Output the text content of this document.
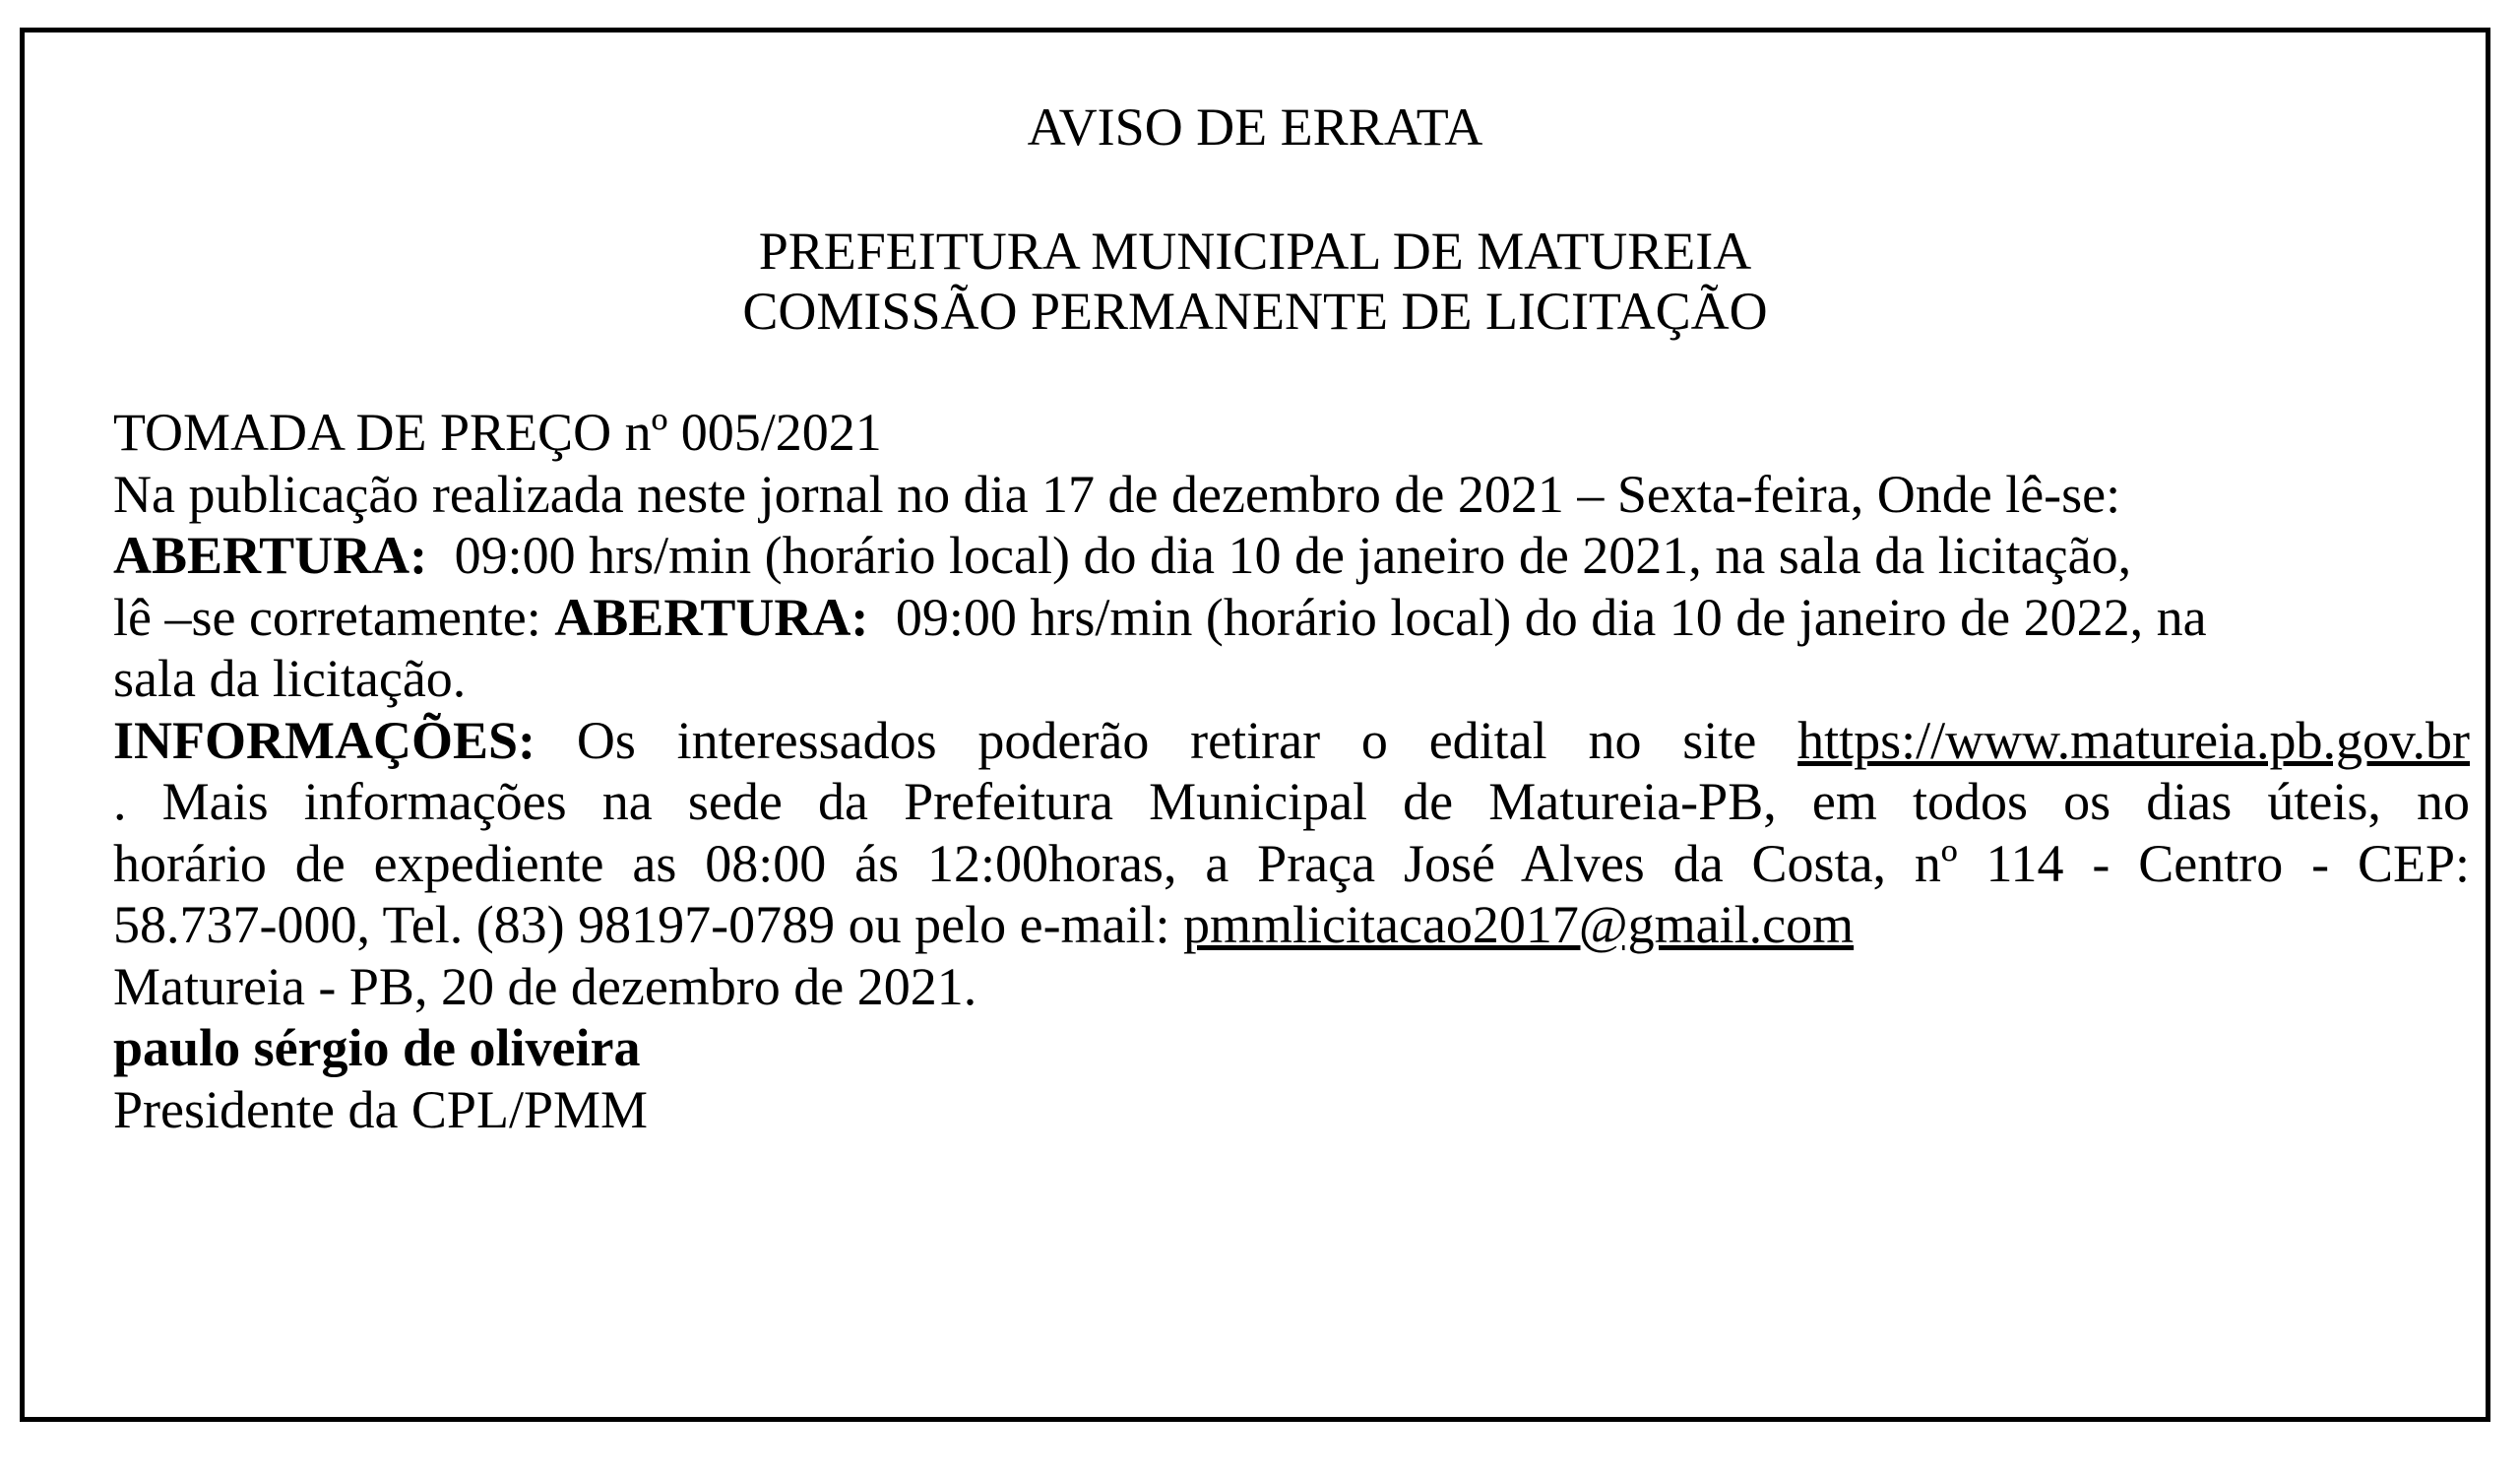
AVISO DE ERRATA
PREFEITURA MUNICIPAL DE MATUREIA
COMISSÃO PERMANENTE DE LICITAÇÃO
TOMADA DE PREÇO nº 005/2021
Na publicação realizada neste jornal no dia 17 de dezembro de 2021 – Sexta-feira, Onde lê-se:
ABERTURA: 09:00 hrs/min (horário local) do dia 10 de janeiro de 2021, na sala da licitação,
lê –se corretamente: ABERTURA: 09:00 hrs/min (horário local) do dia 10 de janeiro de 2022, na
sala da licitação.
INFORMAÇÕES: Os interessados poderão retirar o edital no site https://www.matureia.pb.gov.br
. Mais informações na sede da Prefeitura Municipal de Matureia-PB, em todos os dias úteis, no
horário de expediente as 08:00 ás 12:00horas, a Praça José Alves da Costa, nº 114 - Centro - CEP:
58.737-000, Tel. (83) 98197-0789 ou pelo e-mail: pmmlicitacao2017@gmail.com
Matureia - PB, 20 de dezembro de 2021.
paulo sérgio de oliveira
Presidente da CPL/PMM
